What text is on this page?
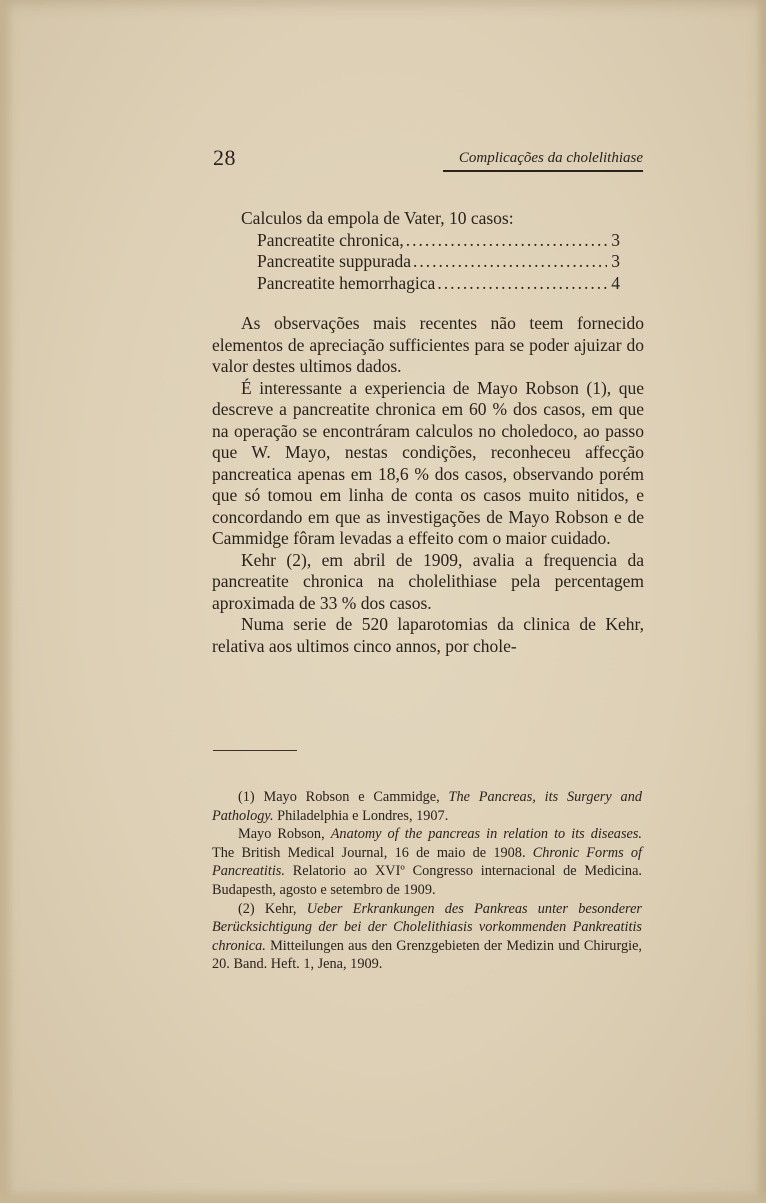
28	Complicações da cholelithiase

Calculos da empola de Vater, 10 casos:

Pancreatite chronica, .....	3
Pancreatite suppurada .....	3
Pancreatite hemorrhagica .....	4

As observações mais recentes não teem fornecido elementos de apreciação sufficientes para se poder ajuizar do valor destes ultimos dados.

É interessante a experiencia de Mayo Robson (1), que descreve a pancreatite chronica em 60 % dos casos, em que na operação se encontráram calculos no choledoco, ao passo que W. Mayo, nestas condições, reconheceu affecção pancreatica apenas em 18,6 % dos casos, observando porém que só tomou em linha de conta os casos muito nitidos, e concordando em que as investigações de Mayo Robson e de Cammidge fôram levadas a effeito com o maior cuidado.

Kehr (2), em abril de 1909, avalia a frequencia da pancreatite chronica na cholelithiase pela percentagem aproximada de 33 % dos casos.

Numa serie de 520 laparotomias da clinica de Kehr, relativa aos ultimos cinco annos, por chole-

(1) Mayo Robson e Cammidge, The Pancreas, its Surgery and Pathology. Philadelphia e Londres, 1907.

Mayo Robson, Anatomy of the pancreas in relation to its diseases. The British Medical Journal, 16 de maio de 1908. Chronic Forms of Pancreatitis. Relatorio ao XVIº Congresso internacional de Medicina. Budapesth, agosto e setembro de 1909.

(2) Kehr, Ueber Erkrankungen des Pankreas unter besonderer Berücksichtigung der bei der Cholelithiasis vorkommenden Pankreatitis chronica. Mitteilungen aus den Grenzgebieten der Medizin und Chirurgie, 20. Band. Heft. 1, Jena, 1909.
